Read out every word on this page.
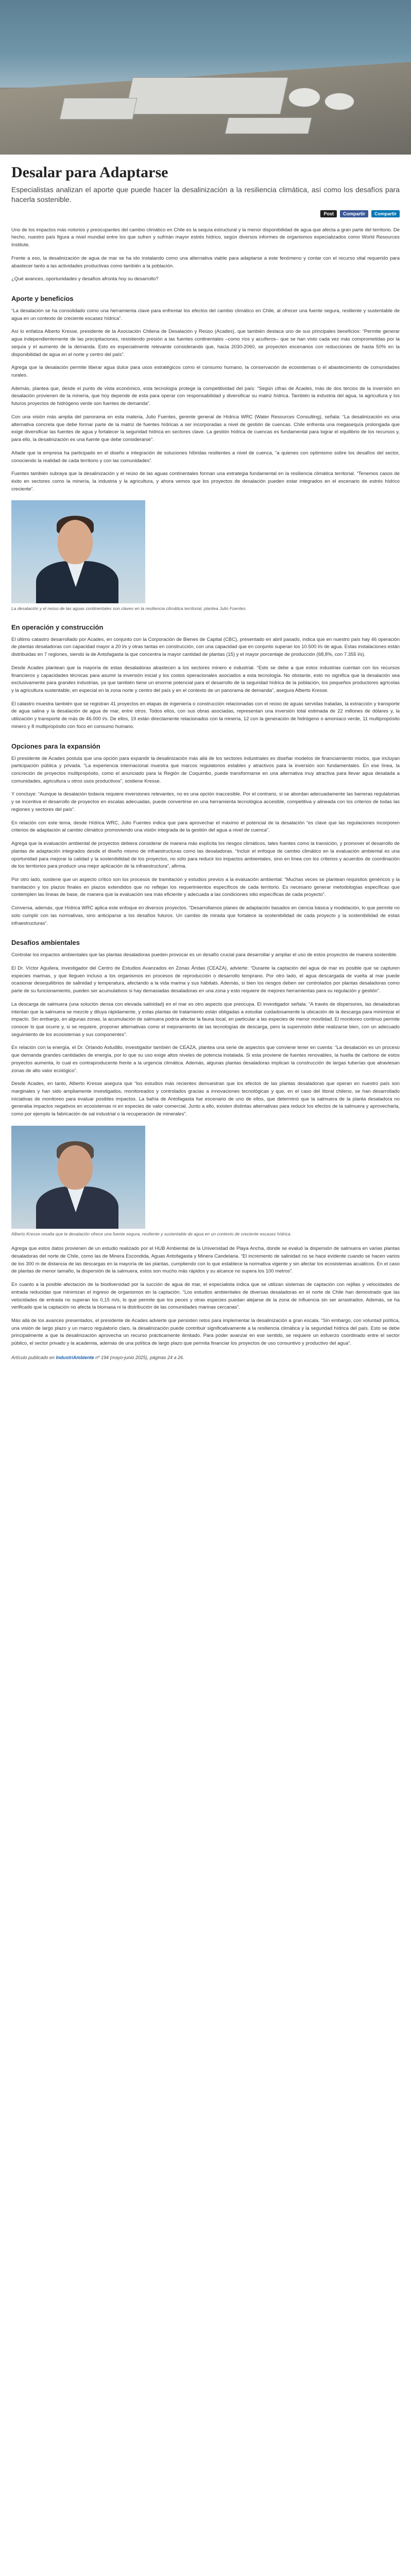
Desalar para Adaptarse

Especialistas analizan el aporte que puede hacer la desalinización a la resiliencia climática, así como los desafíos para hacerla sostenible.

Post	Compartir	Compartir

Uno de los impactos más notorios y preocupantes del cambio climático en Chile es la sequía estructural y la menor disponibilidad de agua que afecta a gran parte del territorio. De hecho, nuestro país figura a nivel mundial entre los que sufren y sufrirán mayor estrés hídrico, según diversos informes de organismos especializados como World Resources Institute.

Frente a eso, la desalinización de agua de mar se ha ido instalando como una alternativa viable para adaptarse a este fenómeno y contar con el recurso vital requerido para abastecer tanto a las actividades productivas como también a la población.

¿Qué avances, oportunidades y desafíos afronta hoy su desarrollo?

Aporte y beneficios

“La desalación se ha consolidado como una herramienta clave para enfrentar los efectos del cambio climático en Chile, al ofrecer una fuente segura, resiliente y sustentable de agua en un contexto de creciente escasez hídrica”.

Así lo enfatiza Alberto Kresse, presidente de la Asociación Chilena de Desalación y Reúso (Acades), que también destaca uno de sus principales beneficios: “Permite generar agua independientemente de las precipitaciones, resistiendo presión a las fuentes continentales –como ríos y acuíferos– que se han visto cada vez más comprometidas por la sequía y el aumento de la demanda. Esto es especialmente relevante considerando que, hacia 2030-2060, se proyecten escenarios con reducciones de hasta 50% en la disponibilidad de agua en el norte y centro del país”.

Agrega que la desalación permite liberar agua dulce para usos estratégicos como el consumo humano, la conservación de ecosistemas o el abastecimiento de comunidades rurales.

Además, plantea que, desde el punto de vista económico, esta tecnología protege la competitividad del país: “Según cifras de Acades, más de dos tercios de la inversión en desalación provienen de la minería, que hoy depende de esta para operar con responsabilidad y diversificar su matriz hídrica. También la industria del agua, la agricultura y los futuros proyectos de hidrógeno verde son fuentes de demanda”.

Con una visión más amplia del panorama en esta materia, Julio Fuentes, gerente general de Hídrica WRC (Water Resources Consulting), señala: “La desalinización es una alternativa concreta que debe formar parte de la matriz de fuentes hídricas a ser incorporadas a nivel de gestión de cuencas. Chile enfrenta una megasequía prolongada que exige diversificar las fuentes de agua y fortalecer la seguridad hídrica en sectores clave. La gestión hídrica de cuencas es fundamental para lograr el equilibrio de los recursos y, para ello, la desalinización es una fuente que debe considerarse”.

Añade que la empresa ha participado en el diseño e integración de soluciones híbridas resilientes a nivel de cuenca, “a quienes con optimismo sobre los desafíos del sector, conociendo la realidad de cada territorio y con las comunidades”.

Fuentes también subraya que la desalinización y el reúso de las aguas continentales forman una estrategia fundamental en la resiliencia climática territorial. “Tenemos casos de éxito en sectores como la minería, la industria y la agricultura, y ahora vemos que los proyectos de desalación pueden estar integrados en el escenario de estrés hídrico creciente”.

La desalación y el reúso de las aguas continentales son claves en la resiliencia climática territorial, plantea Julio Fuentes.
En operación y construcción

El último catastro desarrollado por Acades, en conjunto con la Corporación de Bienes de Capital (CBC), presentado en abril pasado, indica que en nuestro país hay 46 operación de plantas desaladoras con capacidad mayor a 20 l/s y otras tantas en construcción, con una capacidad que en conjunto superan los 10.500 l/s de agua. Estas instalaciones están distribuidas en 7 regiones, siendo la de Antofagasta la que concentra la mayor cantidad de plantas (15) y el mayor porcentaje de producción (68,8%, con 7.355 l/s).

Desde Acades plantean que la mayoría de estas desaladoras abastecen a los sectores minero e industrial. “Esto se debe a que estos industrias cuentan con los recursos financieros y capacidades técnicas para asumir la inversión inicial y los costos operacionales asociados a esta tecnología. No obstante, esto no significa que la desalación sea exclusivamente para grandes industrias, ya que también tiene un enorme potencial para el desarrollo de la seguridad hídrica de la población, los pequeños productores agrícolas y la agricultura sustentable, en especial en la zona norte y centro del país y en el contexto de un panorama de demanda”, asegura Alberto Kresse.

El catastro muestra también que se registran 41 proyectos en etapas de ingeniería o construcción relacionadas con el reúso de aguas servidas tratadas, la extracción y transporte de agua salina y la desalación de agua de mar, entre otros. Todos ellos, con sus obras asociadas, representan una inversión total estimada de 22 millones de dólares y, la utilización y transporte de más de 46.000 l/s. De ellos, 19 están directamente relacionados con la minería, 12 con la generación de hidrógeno o amoníaco verde, 11 multipropósito minero y 8 multipropósito con foco en consumo humano.

Opciones para la expansión

El presidente de Acades postula que una opción para expandir la desalinización más allá de los sectores industriales es diseñar modelos de financiamiento mixtos, que incluyan participación pública y privada. “La experiencia internacional muestra que marcos regulatorios estables y atractivos para la inversión son fundamentales. En ese línea, la concreción de proyectos multipropósito, como el anunciado para la Región de Coquimbo, puede transformarse en una alternativa muy atractiva para llevar agua desalada a comunidades, agricultura u otros usos productivos”, sostiene Kresse.

Y concluye: “Aunque la desalación todavía requiere inversiones relevantes, no es una opción inaccesible. Por el contrario, si se abordan adecuadamente las barreras regulatorias y se incentiva el desarrollo de proyectos en escalas adecuadas, puede convertirse en una herramienta tecnológica accesible, competitiva y alineada con los criterios de todas las regiones y sectores del país”.

En relación con este tema, desde Hídrica WRC, Julio Fuentes indica que para aprovechar el máximo el potencial de la desalación “es clave que las regulaciones incorporen criterios de adaptación al cambio climático promoviendo una visión integrada de la gestión del agua a nivel de cuenca”.

Agrega que la evaluación ambiental de proyectos debiera considerar de manera más explícita los riesgos climáticos, tales fuentes como la transición, y promover el desarrollo de plantas de adaptación integrados desde el diseño mismo de infraestructuras como las desaladoras. “Incluir el enfoque de cambio climático en la evaluación ambiental es una oportunidad para mejorar la calidad y la sostenibilidad de los proyectos, no sólo para reducir los impactos ambientales, sino en línea con los criterios y acuerdos de coordinación de los territorios para producir una mejor aplicación de la infraestructura”, afirma.

Por otro lado, sostiene que un aspecto crítico son los procesos de tramitación y estudios previos a la evaluación ambiental: “Muchas veces se plantean requisitos genéricos y la tramitación y los plazos finales en plazos extendidos que no reflejan los requerimientos específicos de cada territorio. Es necesario generar metodologías específicas que contemplen las líneas de base, de manera que la evaluación sea más eficiente y adecuada a las condiciones sitio específicas de cada proyecto”.

Conversa, además, que Hídrica WRC aplica este enfoque en diversos proyectos. “Desarrollamos planes de adaptación basados en ciencia básica y modelación, lo que permite no solo cumplir con las normativas, sino anticiparse a los desafíos futuros. Un cambio de mirada que fortalece la sostenibilidad de cada proyecto y la sostenibilidad de estas infraestructuras”.

Desafíos ambientales

Controlar los impactos ambientales que las plantas desaladoras pueden provocar es un desafío crucial para desarrollar y ampliar el uso de estos proyectos de manera sostenible.

El Dr. Víctor Aguilera, investigador del Centro de Estudios Avanzados en Zonas Áridas (CEAZA), advierte: “Durante la captación del agua de mar es posible que se capturen especies marinas, y que lleguen incluso a los organismos en procesos de reproducción o desarrollo temprano. Por otro lado, el agua descargada de vuelta al mar puede ocasionar desequilibrios de salinidad y temperatura, afectando a la vida marina y sus hábitats. Además, si bien los riesgos deben ser controlados por plantas desaladoras como parte de su funcionamiento, pueden ser acumulativos si hay demasiadas desaladoras en una zona y esto requiere de mejores herramientas para su regulación y gestión”.

La descarga de salmuera (una solución densa con elevada salinidad) en el mar es otro aspecto que preocupa. El investigador señala: “A través de dispersores, las desaladoras intentan que la salmuera se mezcle y diluya rápidamente, y estas plantas de tratamiento están obligadas a estudiar cuidadosamente la ubicación de la descarga para minimizar el impacto. Sin embargo, en algunas zonas, la acumulación de salmuera podría afectar la fauna local, en particular a las especies de menor movilidad. El monitoreo continuo permite conocer lo que ocurre y, si se requiere, proponer alternativas como el mejoramiento de las tecnologías de descarga, pero la supervisión debe realizarse bien, con un adecuado seguimiento de los ecosistemas y sus componentes”.

En relación con la energía, el Dr. Orlando Astudillo, investigador también de CEAZA, plantea una serie de aspectos que conviene tener en cuenta: “La desalación es un proceso que demanda grandes cantidades de energía, por lo que su uso exige altos niveles de potencia instalada. Si esta proviene de fuentes renovables, la huella de carbono de estos proyectos aumenta, lo cual es contraproducente frente a la urgencia climática. Además, algunas plantas desaladoras implican la construcción de largas tuberías que atraviesan zonas de alto valor ecológico”.

Desde Acades, en tanto, Alberto Kresse asegura que “los estudios más recientes demuestran que los efectos de las plantas desaladoras que operan en nuestro país son marginales y han sido ampliamente investigados, monitoreados y controlados gracias a innovaciones tecnológicas y que, en el caso del litoral chileno, se han desarrollado iniciativas de monitoreo para evaluar posibles impactos. La bahía de Antofagasta fue escenario de uno de ellos, que determinó que la salmuera de la planta desaladora no generaba impactos negativos en ecosistemas ni en especies de valor comercial. Junto a ello, existen distintas alternativas para reducir los efectos de la salmuera y aprovecharla, como por ejemplo la fabricación de sal industrial o la recuperación de minerales”.

Alberto Kresse resalta que la desalación ofrece una fuente segura, resiliente y sustentable de agua en un contexto de creciente escasez hídrica.

Agrega que estos datos provienen de un estudio realizado por el HUB Ambiental de la Universidad de Playa Ancha, donde se evaluó la dispersión de salmuera en varias plantas desaladoras del norte de Chile, como las de Minera Escondida, Aguas Antofagasta y Minera Candelaria. “El incremento de salinidad no se hace evidente cuando se hacen varios de los 300 m de distancia de las descargas en la mayoría de las plantas, cumpliendo con lo que establece la normativa vigente y sin afectar los ecosistemas acuáticos. En el caso de plantas de menor tamaño, la dispersión de la salmuera, estos son mucho más rápidos y su alcance no supera los 100 metros”.

En cuanto a la posible afectación de la biodiversidad por la succión de agua de mar, el especialista indica que se utilizan sistemas de captación con rejillas y velocidades de entrada reducidas que minimizan el ingreso de organismos en la captación. “Los estudios ambientales de diversas desaladoras en el norte de Chile han demostrado que las velocidades de entrada no superan los 0,15 m/s, lo que permite que los peces y otras especies puedan alejarse de la zona de influencia sin ser arrastrados. Además, se ha verificado que la captación no afecta la biomasa ni la distribución de las comunidades marinas cercanas”.

Más allá de los avances presentados, el presidente de Acades advierte que persisten retos para implementar la desalinización a gran escala. “Sin embargo, con voluntad política, una visión de largo plazo y un marco regulatorio claro, la desalinización puede contribuir significativamente a la resiliencia climática y la seguridad hídrica del país. Esto se debe principalmente a que la desalinización aprovecha un recurso prácticamente ilimitado. Para poder avanzar en ese sentido, se requiere un esfuerzo coordinado entre el sector público, el sector privado y la academia, además de una política de largo plazo que permita financiar los proyectos de uso consuntivo y productivo del agua”.

Artículo publicado en IndustriAmbiente nº 194 (mayo-junio 2025), páginas 24 a 26.
